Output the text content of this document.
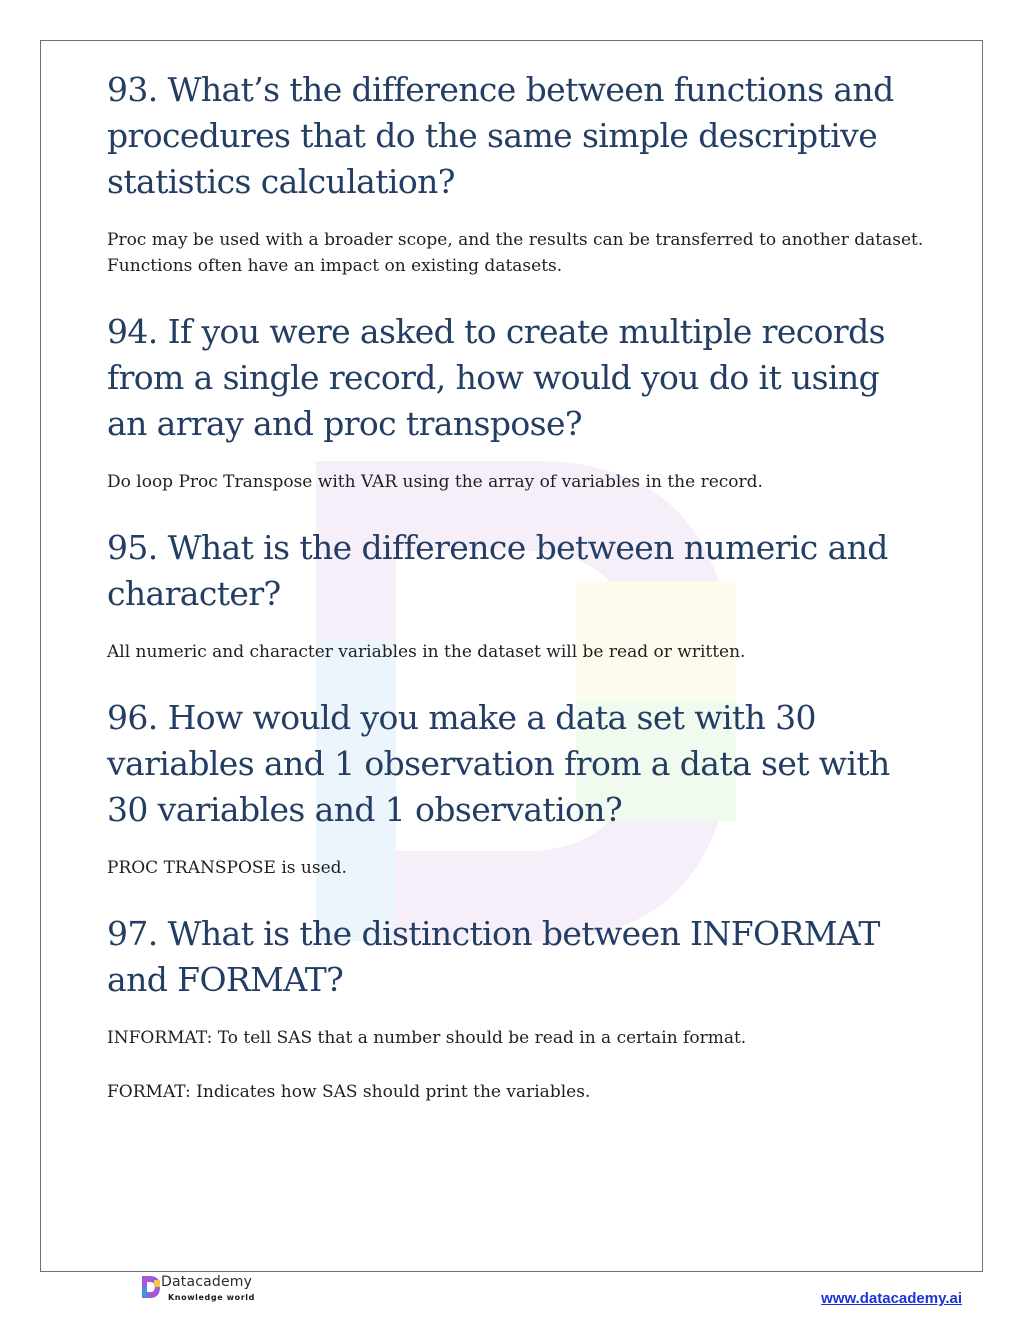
93. What’s the difference between functions and procedures that do the same simple descriptive statistics calculation?

Proc may be used with a broader scope, and the results can be transferred to another dataset. Functions often have an impact on existing datasets.

94. If you were asked to create multiple records from a single record, how would you do it using an array and proc transpose?

Do loop Proc Transpose with VAR using the array of variables in the record.

95. What is the difference between numeric and character?

All numeric and character variables in the dataset will be read or written.

96. How would you make a data set with 30 variables and 1 observation from a data set with 30 variables and 1 observation?

PROC TRANSPOSE is used.

97. What is the distinction between INFORMAT and FORMAT?

INFORMAT: To tell SAS that a number should be read in a certain format.

FORMAT: Indicates how SAS should print the variables.

Datacademy
Knowledge world	www.datacademy.ai
